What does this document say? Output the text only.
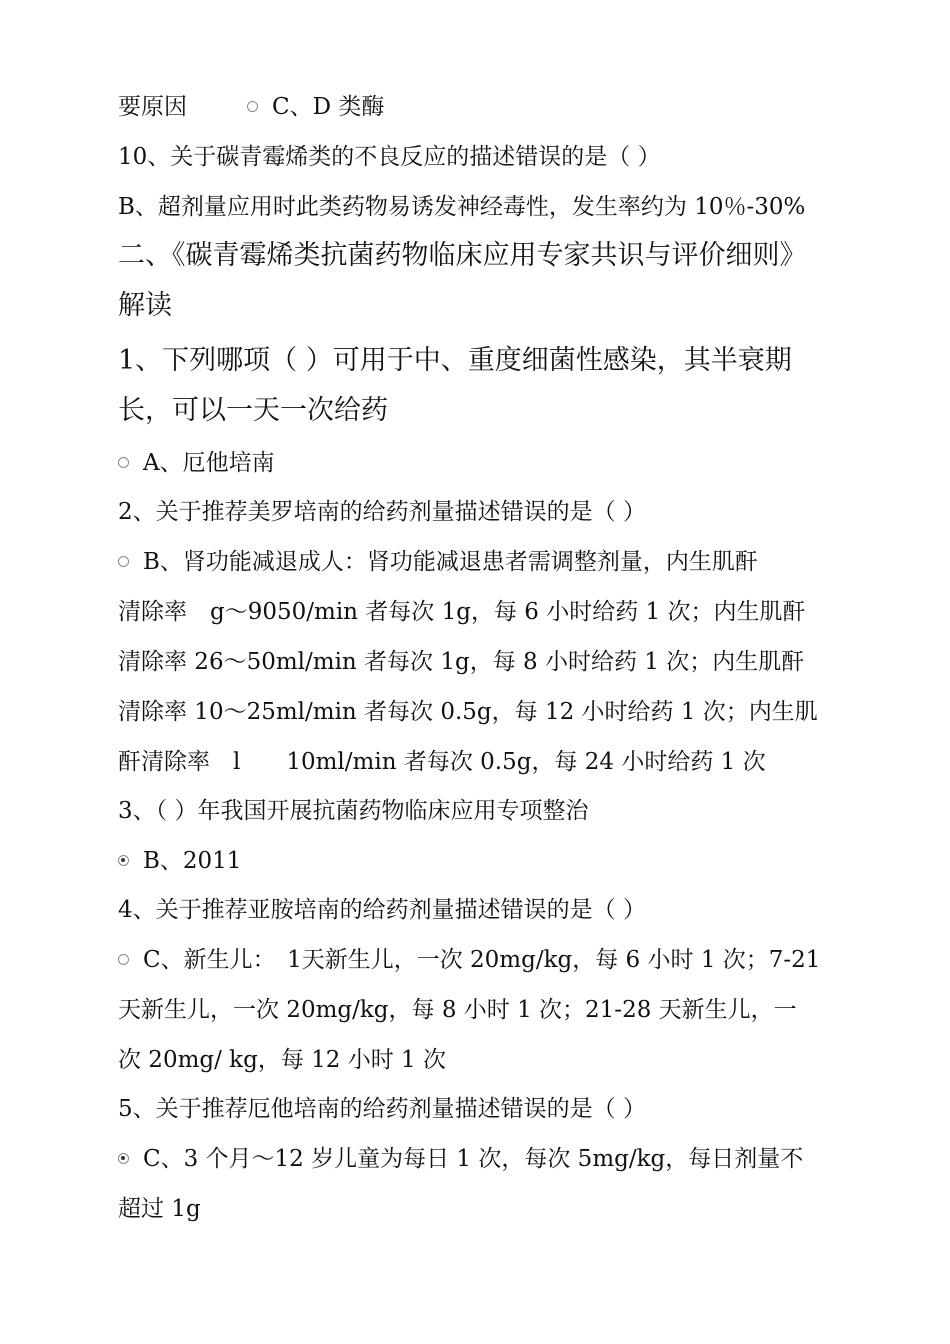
要原因	C、D 类酶
10、关于碳青霉烯类的不良反应的描述错误的是（ ）
B、超剂量应用时此类药物易诱发神经毒性，发生率约为 10％-30%
二、《碳青霉烯类抗菌药物临床应用专家共识与评价细则》
解读
1、下列哪项（ ）可用于中、重度细菌性感染，其半衰期
长，可以一天一次给药
A、厄他培南
2、关于推荐美罗培南的给药剂量描述错误的是（ ）
B、肾功能减退成人：肾功能减退患者需调整剂量，内生肌酐
清除率　g～9050/min 者每次 1g，每 6 小时给药 1 次；内生肌酐
清除率 26～50ml/min 者每次 1g，每 8 小时给药 1 次；内生肌酐
清除率 10～25ml/min 者每次 0.5g，每 12 小时给药 1 次；内生肌
酐清除率　l　　10ml/min 者每次 0.5g，每 24 小时给药 1 次
3、（ ）年我国开展抗菌药物临床应用专项整治
B、2011
4、关于推荐亚胺培南的给药剂量描述错误的是（ ）
C、新生儿：　1天新生儿，一次 20mg/kg，每 6 小时 1 次；7-21
天新生儿，一次 20mg/kg，每 8 小时 1 次；21-28 天新生儿，一
次 20mg/ kg，每 12 小时 1 次
5、关于推荐厄他培南的给药剂量描述错误的是（ ）
C、3 个月～12 岁儿童为每日 1 次，每次 5mg/kg，每日剂量不
超过 1g
